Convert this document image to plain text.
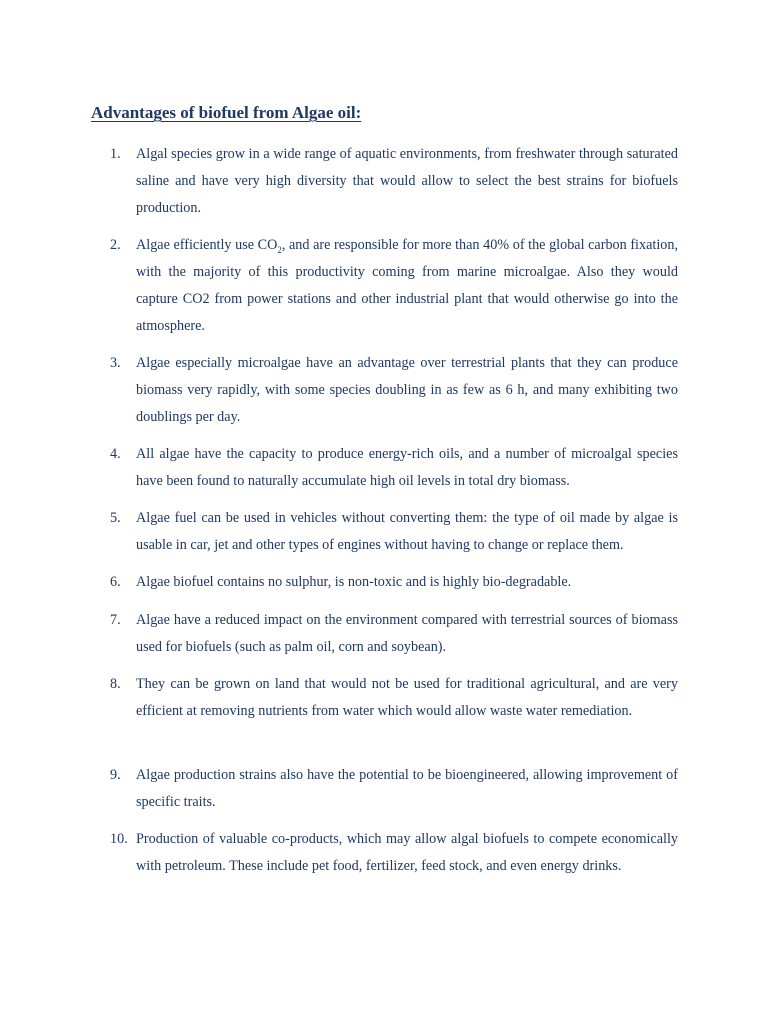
Advantages of biofuel from Algae oil:
1.	Algal species grow in a wide range of aquatic environments, from freshwater through saturated saline and have very high diversity that would allow to select the best strains for biofuels production.
2.	Algae efficiently use $CO_2$, and are responsible for more than 40% of the global carbon fixation, with the majority of this productivity coming from marine microalgae. Also they would capture CO2 from power stations and other industrial plant that would otherwise go into the atmosphere.
3.	Algae especially microalgae have an advantage over terrestrial plants that they can produce biomass very rapidly, with some species doubling in as few as 6 h, and many exhibiting two doublings per day.
4.	All algae have the capacity to produce energy-rich oils, and a number of microalgal species have been found to naturally accumulate high oil levels in total dry biomass.
5.	Algae fuel can be used in vehicles without converting them: the type of oil made by algae is usable in car, jet and other types of engines without having to change or replace them.
6.	Algae biofuel contains no sulphur, is non-toxic and is highly bio-degradable.
7.	Algae have a reduced impact on the environment compared with terrestrial sources of biomass used for biofuels (such as palm oil, corn and soybean).
8.	They can be grown on land that would not be used for traditional agricultural, and are very efficient at removing nutrients from water which would allow waste water remediation.
9.	Algae production strains also have the potential to be bioengineered, allowing improvement of specific traits.
10. Production of valuable co-products, which may allow algal biofuels to compete economically with petroleum. These include pet food, fertilizer, feed stock, and even energy drinks.
